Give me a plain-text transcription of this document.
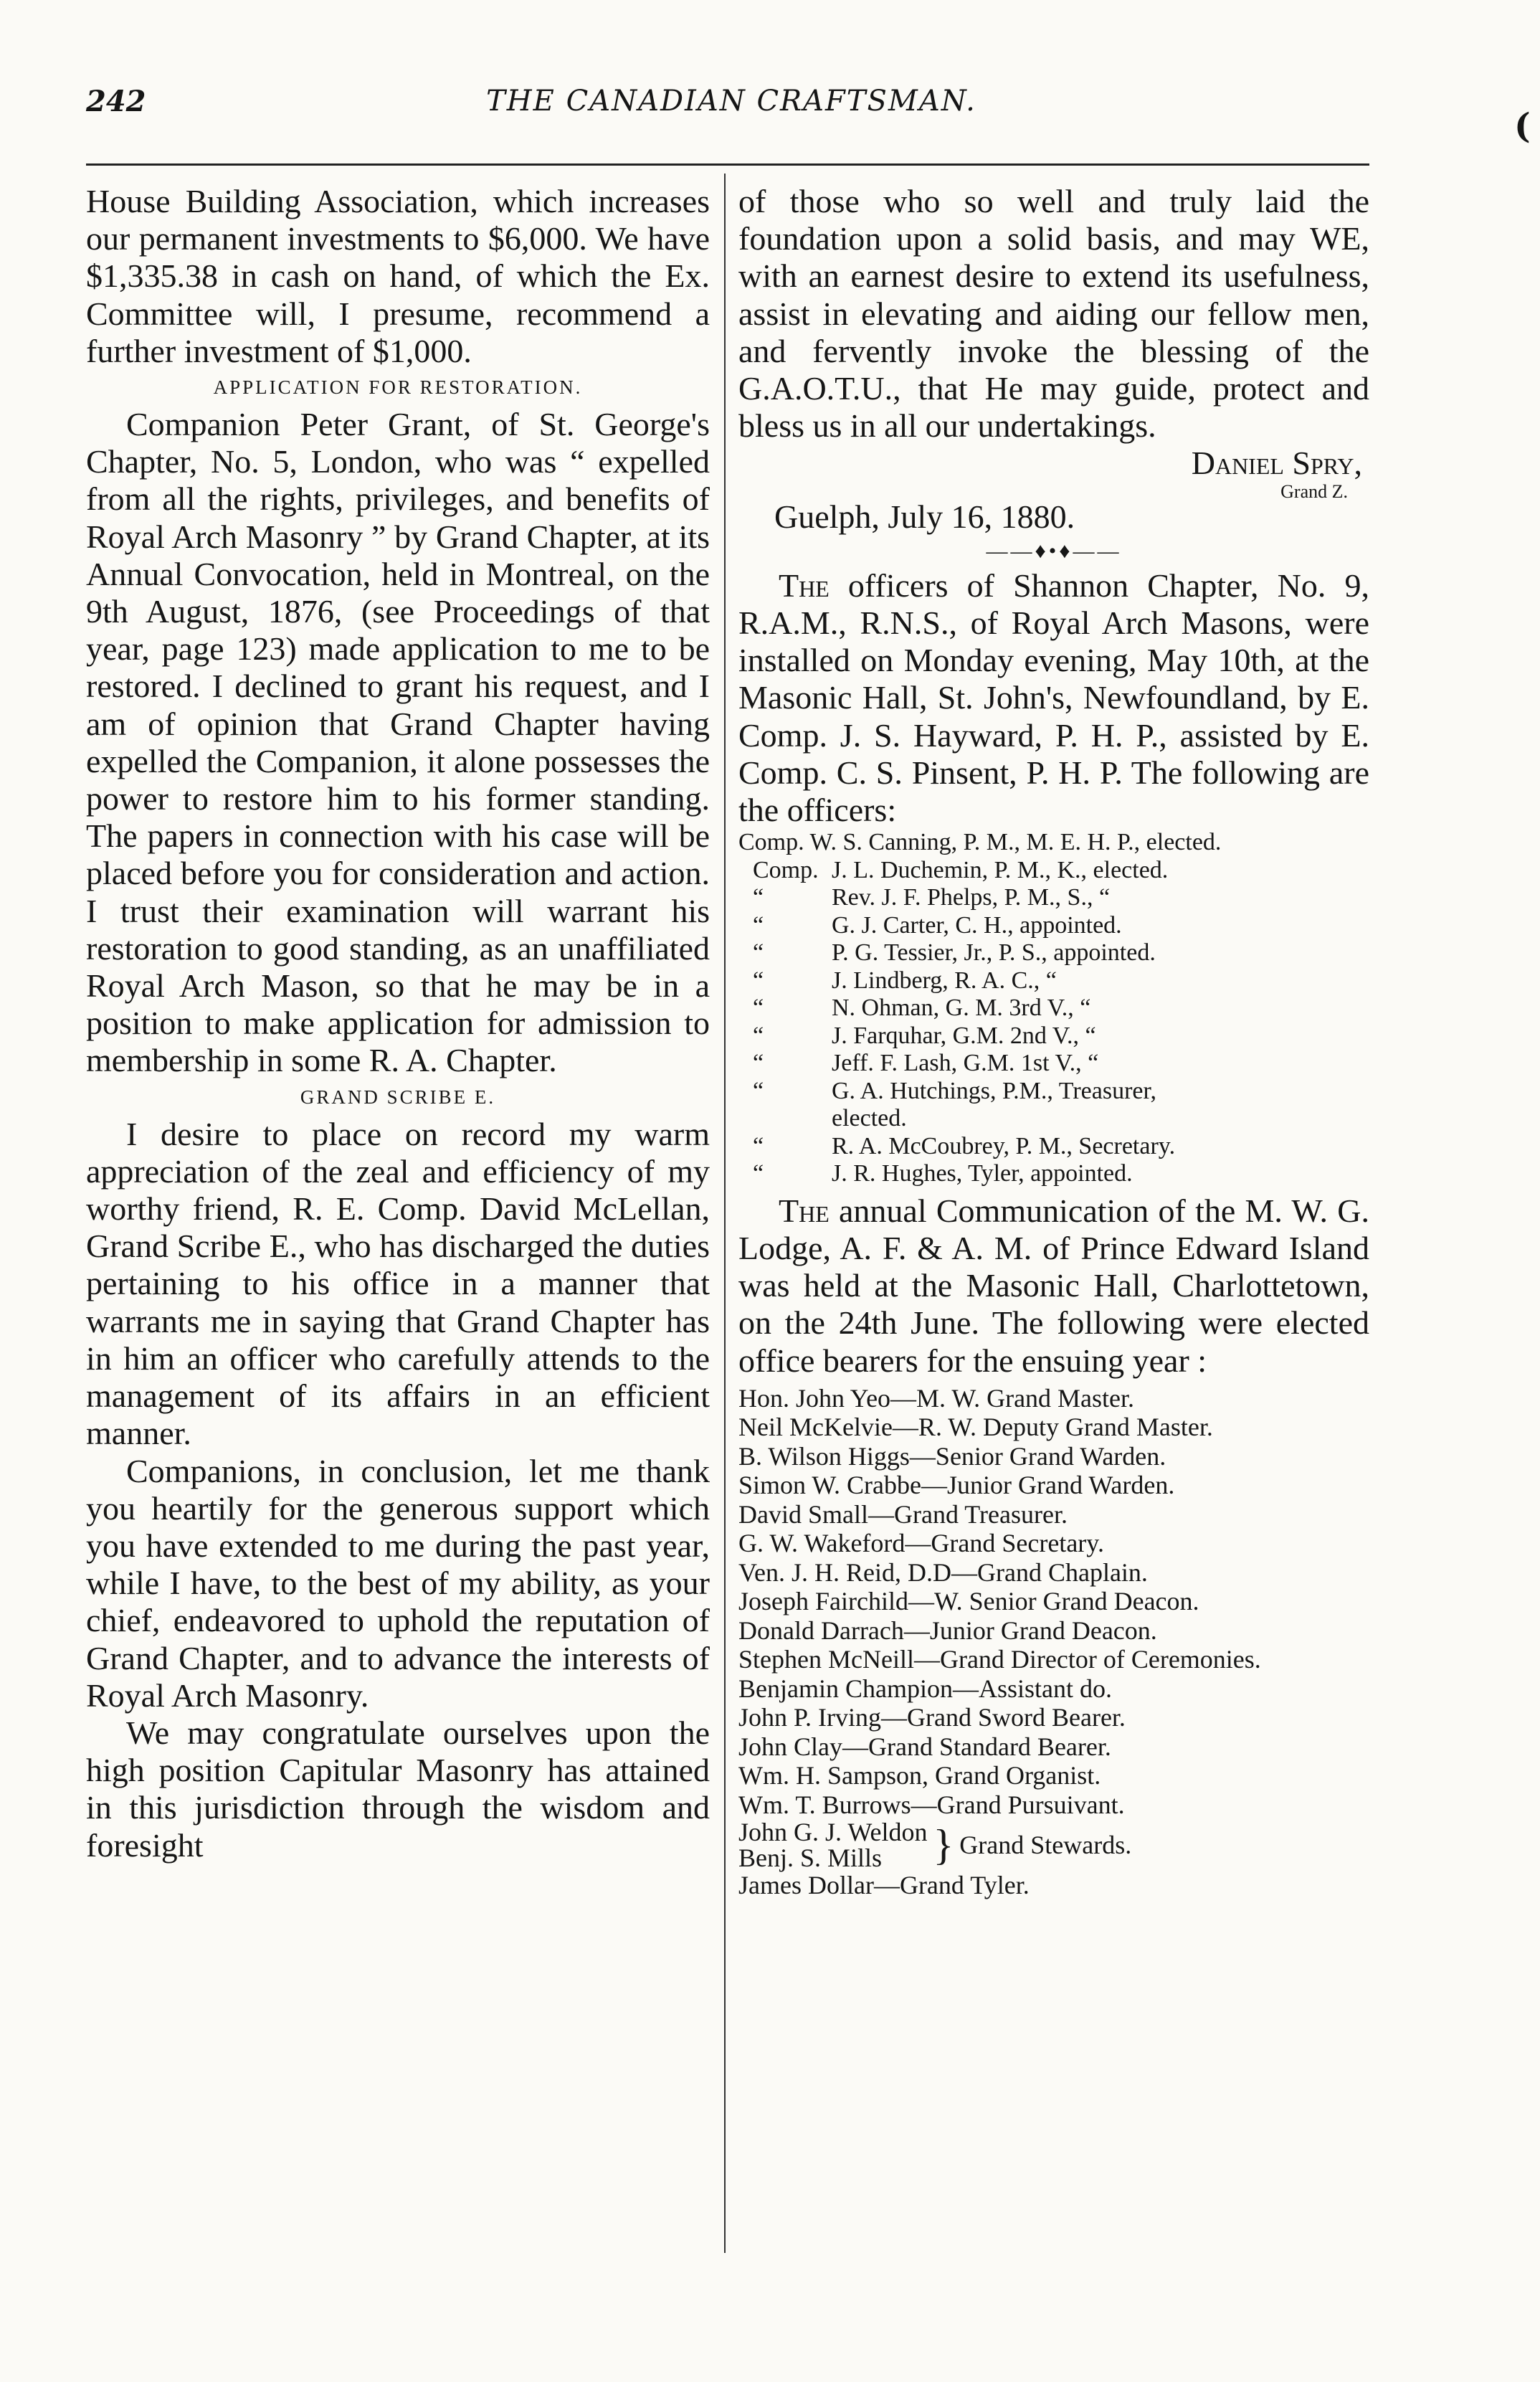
242	THE CANADIAN CRAFTSMAN.
(

House Building Association, which increases our permanent investments to $6,000. We have $1,335.38 in cash on hand, of which the Ex. Committee will, I presume, recommend a further investment of $1,000.

APPLICATION FOR RESTORATION.

Companion Peter Grant, of St. George's Chapter, No. 5, London, who was “ expelled from all the rights, privileges, and benefits of Royal Arch Masonry ” by Grand Chapter, at its Annual Convocation, held in Montreal, on the 9th August, 1876, (see Proceedings of that year, page 123) made application to me to be restored. I declined to grant his request, and I am of opinion that Grand Chapter having expelled the Companion, it alone possesses the power to restore him to his former standing. The papers in connection with his case will be placed before you for consideration and action. I trust their examination will warrant his restoration to good standing, as an unaffiliated Royal Arch Mason, so that he may be in a position to make application for admission to membership in some R. A. Chapter.

GRAND SCRIBE E.

I desire to place on record my warm appreciation of the zeal and efficiency of my worthy friend, R. E. Comp. David McLellan, Grand Scribe E., who has discharged the duties pertaining to his office in a manner that warrants me in saying that Grand Chapter has in him an officer who carefully attends to the management of its affairs in an efficient manner.

Companions, in conclusion, let me thank you heartily for the generous support which you have extended to me during the past year, while I have, to the best of my ability, as your chief, endeavored to uphold the reputation of Grand Chapter, and to advance the interests of Royal Arch Masonry.

We may congratulate ourselves upon the high position Capitular Masonry has attained in this jurisdiction through the wisdom and foresight

of those who so well and truly laid the foundation upon a solid basis, and may WE, with an earnest desire to extend its usefulness, assist in elevating and aiding our fellow men, and fervently invoke the blessing of the G.A.O.T.U., that He may guide, protect and bless us in all our undertakings.

Daniel Spry,
Grand Z.
Guelph, July 16, 1880.
——♦•♦——

The officers of Shannon Chapter, No. 9, R.A.M., R.N.S., of Royal Arch Masons, were installed on Monday evening, May 10th, at the Masonic Hall, St. John's, Newfoundland, by E. Comp. J. S. Hayward, P. H. P., assisted by E. Comp. C. S. Pinsent, P. H. P. The following are the officers:

Comp. W. S. Canning, P. M., M. E. H. P., elected.
Comp. J. L. Duchemin, P. M., K., elected.
“	Rev. J. F. Phelps, P. M., S., “
“	G. J. Carter, C. H., appointed.
“	P. G. Tessier, Jr., P. S., appointed.
“	J. Lindberg, R. A. C., “
“	N. Ohman, G. M. 3rd V., “
“	J. Farquhar, G.M. 2nd V., “
“	Jeff. F. Lash, G.M. 1st V., “
“	G. A. Hutchings, P.M., Treasurer,
elected.
“	R. A. McCoubrey, P. M., Secretary.
“	J. R. Hughes, Tyler, appointed.

The annual Communication of the M. W. G. Lodge, A. F. & A. M. of Prince Edward Island was held at the Masonic Hall, Charlottetown, on the 24th June. The following were elected office bearers for the ensuing year :

Hon. John Yeo—M. W. Grand Master.
Neil McKelvie—R. W. Deputy Grand Master.
B. Wilson Higgs—Senior Grand Warden.
Simon W. Crabbe—Junior Grand Warden.
David Small—Grand Treasurer.
G. W. Wakeford—Grand Secretary.
Ven. J. H. Reid, D.D—Grand Chaplain.
Joseph Fairchild—W. Senior Grand Deacon.
Donald Darrach—Junior Grand Deacon.
Stephen McNeill—Grand Director of Ceremonies.
Benjamin Champion—Assistant do.
John P. Irving—Grand Sword Bearer.
John Clay—Grand Standard Bearer.
Wm. H. Sampson, Grand Organist.
Wm. T. Burrows—Grand Pursuivant.
John G. J. Weldon
Benj. S. Mills	} Grand Stewards.
James Dollar—Grand Tyler.
